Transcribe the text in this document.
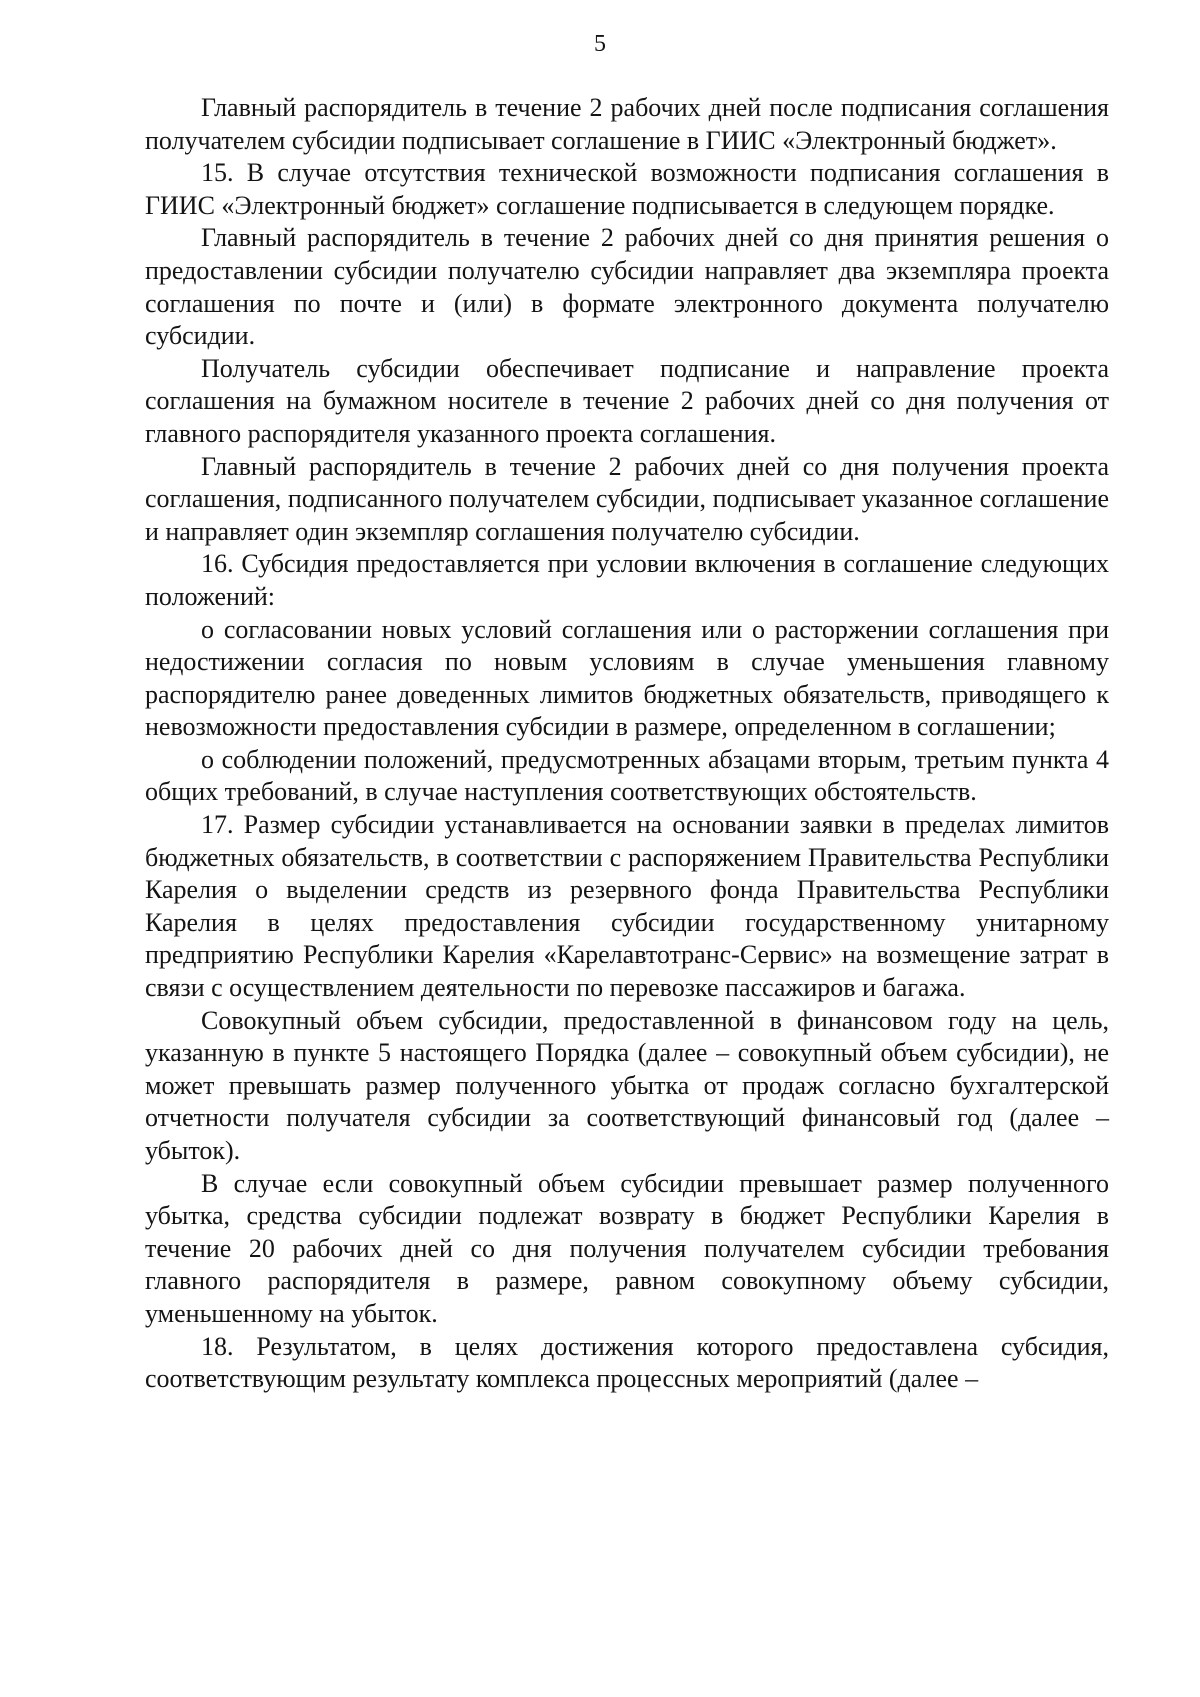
5

Главный распорядитель в течение 2 рабочих дней после подписания соглашения получателем субсидии подписывает соглашение в ГИИС «Электронный бюджет».

15. В случае отсутствия технической возможности подписания соглашения в ГИИС «Электронный бюджет» соглашение подписывается в следующем порядке.

Главный распорядитель в течение 2 рабочих дней со дня принятия решения о предоставлении субсидии получателю субсидии направляет два экземпляра проекта соглашения по почте и (или) в формате электронного документа получателю субсидии.

Получатель субсидии обеспечивает подписание и направление проекта соглашения на бумажном носителе в течение 2 рабочих дней со дня получения от главного распорядителя указанного проекта соглашения.

Главный распорядитель в течение 2 рабочих дней со дня получения проекта соглашения, подписанного получателем субсидии, подписывает указанное соглашение и направляет один экземпляр соглашения получателю субсидии.

16. Субсидия предоставляется при условии включения в соглашение следующих положений:

о согласовании новых условий соглашения или о расторжении соглашения при недостижении согласия по новым условиям в случае уменьшения главному распорядителю ранее доведенных лимитов бюджетных обязательств, приводящего к невозможности предоставления субсидии в размере, определенном в соглашении;

о соблюдении положений, предусмотренных абзацами вторым, третьим пункта 4 общих требований, в случае наступления соответствующих обстоятельств.

17. Размер субсидии устанавливается на основании заявки в пределах лимитов бюджетных обязательств, в соответствии с распоряжением Правительства Республики Карелия о выделении средств из резервного фонда Правительства Республики Карелия в целях предоставления субсидии государственному унитарному предприятию Республики Карелия «Карелавтотранс-Сервис» на возмещение затрат в связи с осуществлением деятельности по перевозке пассажиров и багажа.

Совокупный объем субсидии, предоставленной в финансовом году на цель, указанную в пункте 5 настоящего Порядка (далее – совокупный объем субсидии), не может превышать размер полученного убытка от продаж согласно бухгалтерской отчетности получателя субсидии за соответствующий финансовый год (далее – убыток).

В случае если совокупный объем субсидии превышает размер полученного убытка, средства субсидии подлежат возврату в бюджет Республики Карелия в течение 20 рабочих дней со дня получения получателем субсидии требования главного распорядителя в размере, равном совокупному объему субсидии, уменьшенному на убыток.

18. Результатом, в целях достижения которого предоставлена субсидия, соответствующим результату комплекса процессных мероприятий (далее –
